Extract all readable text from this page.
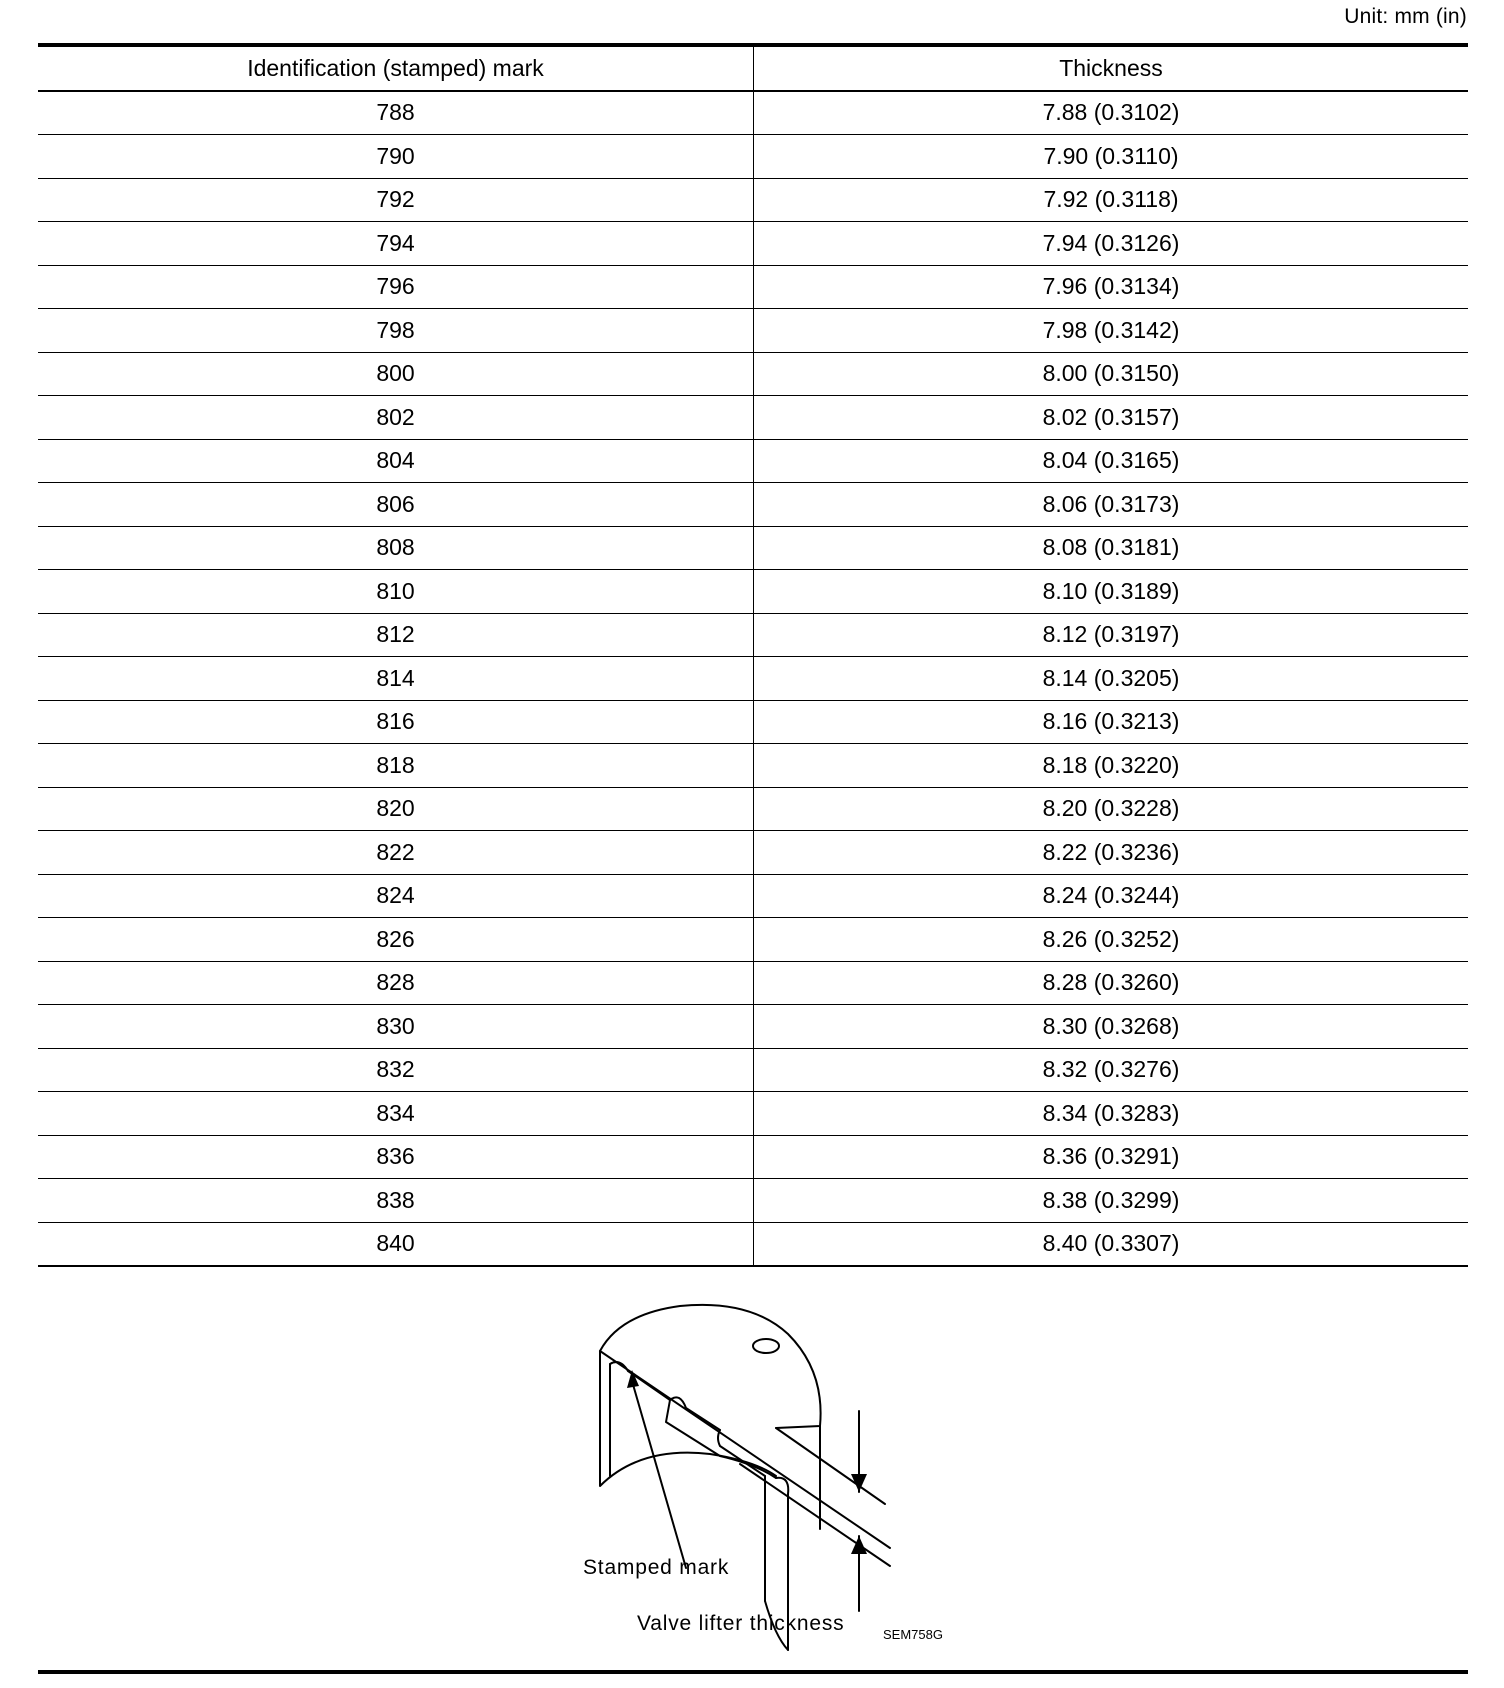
Unit: mm (in)
Identification (stamped) mark	Thickness
788	7.88 (0.3102)
790	7.90 (0.3110)
792	7.92 (0.3118)
794	7.94 (0.3126)
796	7.96 (0.3134)
798	7.98 (0.3142)
800	8.00 (0.3150)
802	8.02 (0.3157)
804	8.04 (0.3165)
806	8.06 (0.3173)
808	8.08 (0.3181)
810	8.10 (0.3189)
812	8.12 (0.3197)
814	8.14 (0.3205)
816	8.16 (0.3213)
818	8.18 (0.3220)
820	8.20 (0.3228)
822	8.22 (0.3236)
824	8.24 (0.3244)
826	8.26 (0.3252)
828	8.28 (0.3260)
830	8.30 (0.3268)
832	8.32 (0.3276)
834	8.34 (0.3283)
836	8.36 (0.3291)
838	8.38 (0.3299)
840	8.40 (0.3307)
Stamped mark
Valve lifter thickness	SEM758G
